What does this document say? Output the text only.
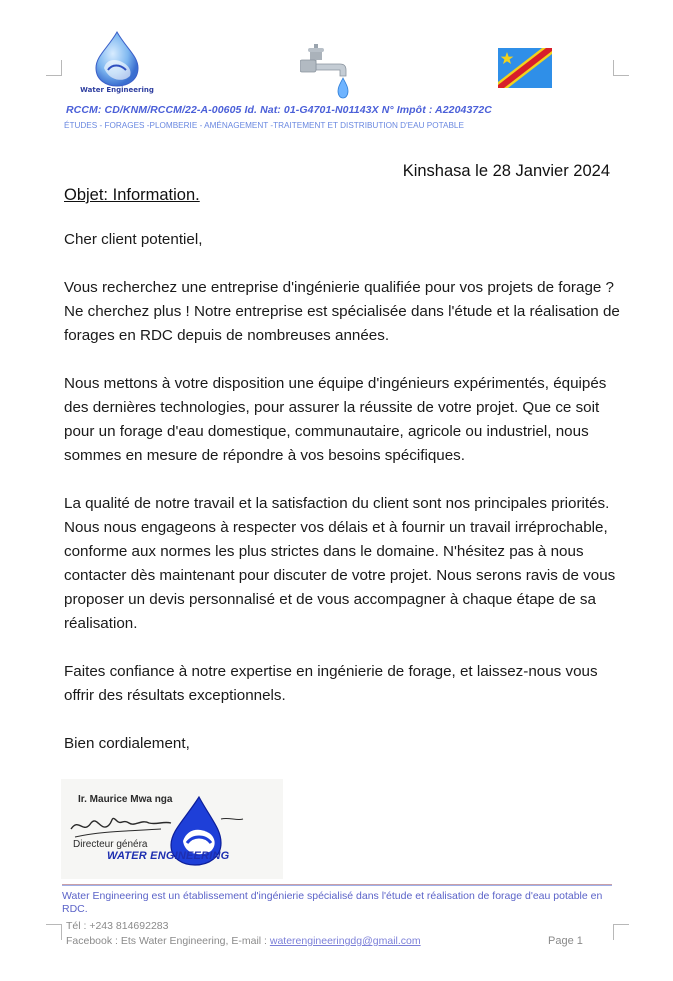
Water Engineering
RCCM: CD/KNM/RCCM/22-A-00605 Id. Nat: 01-G4701-N01143X N° Impôt : A2204372C
ÉTUDES - FORAGES -PLOMBERIE - AMÉNAGEMENT -TRAITEMENT ET DISTRIBUTION D'EAU POTABLE
Kinshasa le 28 Janvier 2024
Objet: Information.

Cher client potentiel,

Vous recherchez une entreprise d'ingénierie qualifiée pour vos projets de forage ? Ne cherchez plus ! Notre entreprise est spécialisée dans l'étude et la réalisation de forages en RDC depuis de nombreuses années.

Nous mettons à votre disposition une équipe d'ingénieurs expérimentés, équipés des dernières technologies, pour assurer la réussite de votre projet. Que ce soit pour un forage d'eau domestique, communautaire, agricole ou industriel, nous sommes en mesure de répondre à vos besoins spécifiques.

La qualité de notre travail et la satisfaction du client sont nos principales priorités. Nous nous engageons à respecter vos délais et à fournir un travail irréprochable, conforme aux normes les plus strictes dans le domaine. N'hésitez pas à nous contacter dès maintenant pour discuter de votre projet. Nous serons ravis de vous proposer un devis personnalisé et de vous accompagner à chaque étape de sa réalisation.

Faites confiance à notre expertise en ingénierie de forage, et laissez-nous vous offrir des résultats exceptionnels.

Bien cordialement,

Ir. Maurice Mwa nga
Directeur généra
WATER ENGINEERING
Water Engineering est un établissement d'ingénierie spécialisé dans l'étude et réalisation de forage d'eau potable en RDC.
Tél : +243 814692283
Facebook : Ets Water Engineering, E-mail : waterengineeringdg@gmail.com	Page 1
